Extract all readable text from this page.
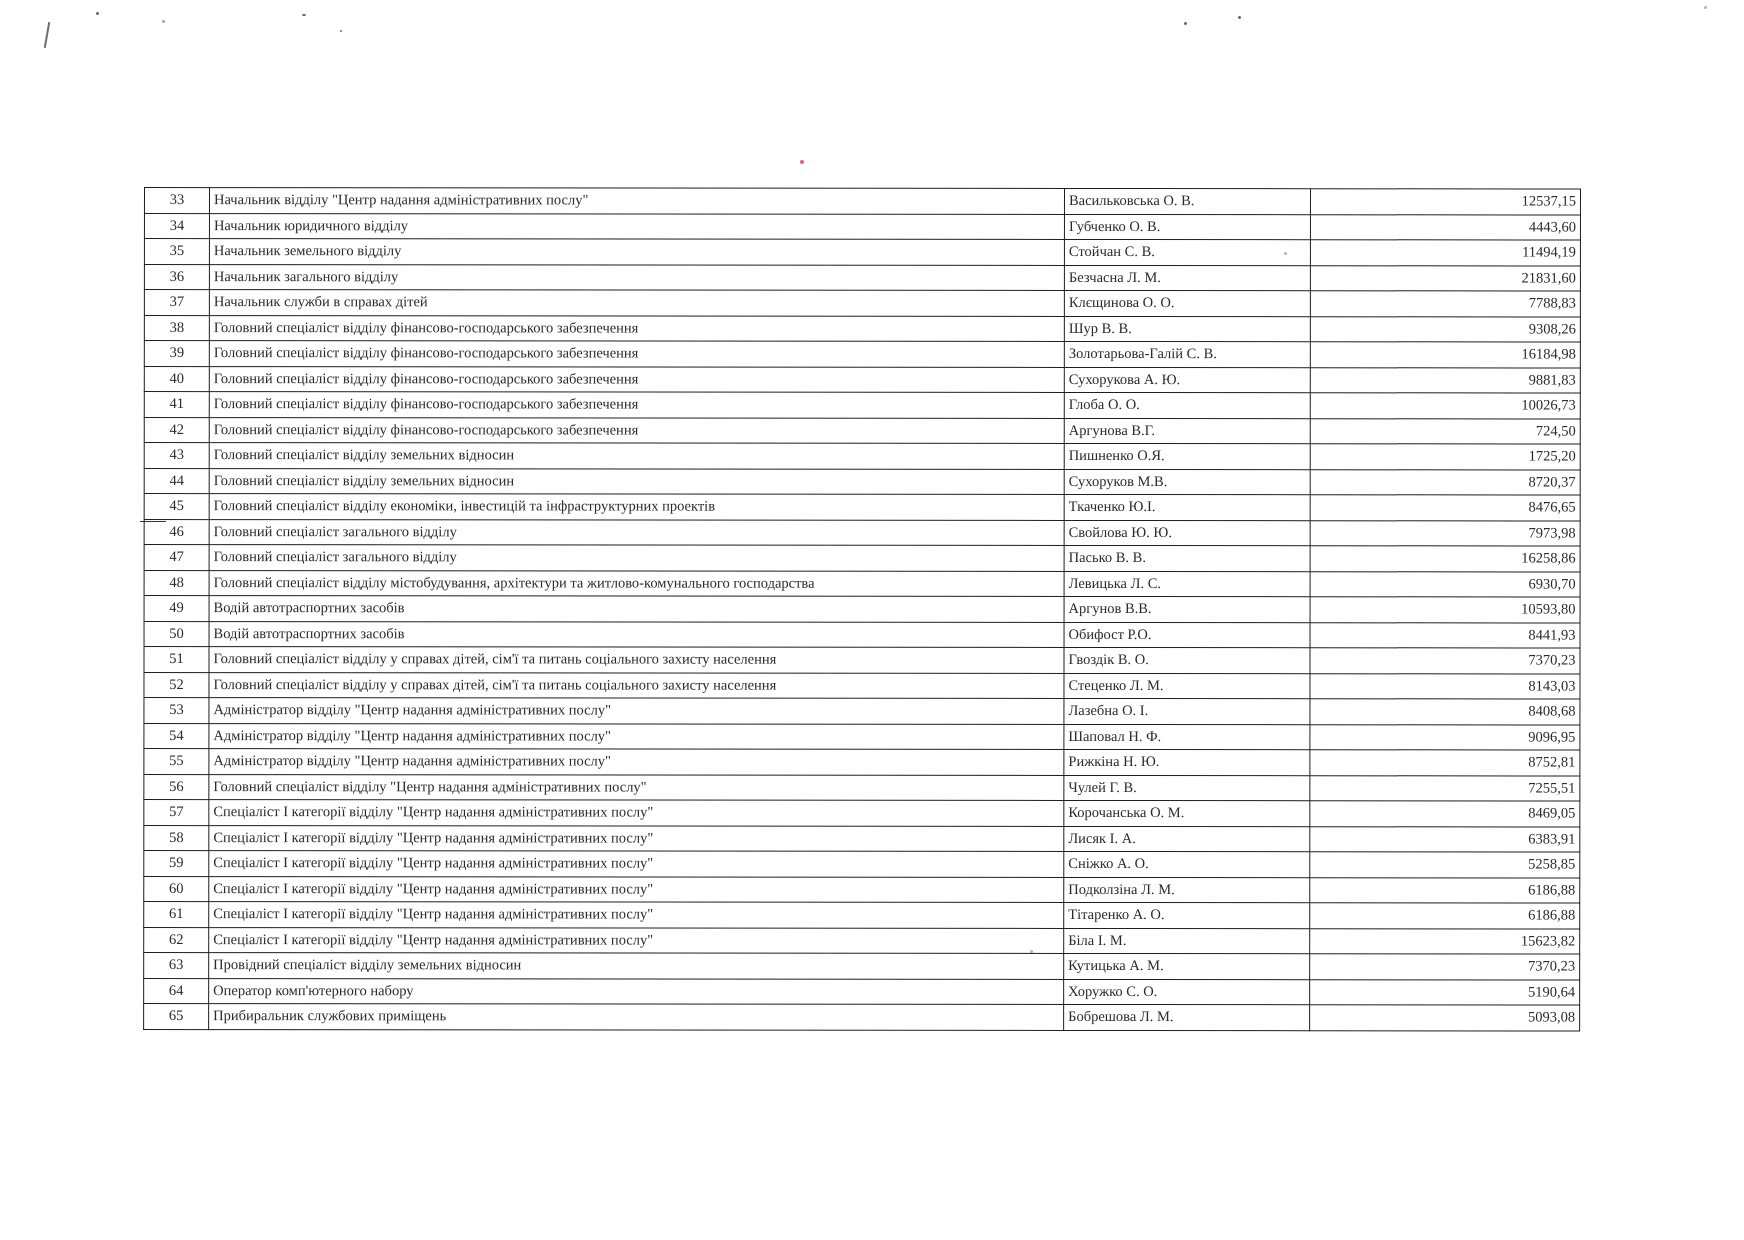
33	Начальник відділу "Центр надання адміністративних послу"	Васильковська О. В.	12537,15
34	Начальник юридичного відділу	Губченко О. В.	4443,60
35	Начальник земельного відділу	Стойчан С. В.	11494,19
36	Начальник загального відділу	Безчасна Л. М.	21831,60
37	Начальник служби в справах дітей	Клєщинова О. О.	7788,83
38	Головний спеціаліст відділу фінансово-господарського забезпечення	Шур В. В.	9308,26
39	Головний спеціаліст відділу фінансово-господарського забезпечення	Золотарьова-Галій С. В.	16184,98
40	Головний спеціаліст відділу фінансово-господарського забезпечення	Сухорукова А. Ю.	9881,83
41	Головний спеціаліст відділу фінансово-господарського забезпечення	Глоба О. О.	10026,73
42	Головний спеціаліст відділу фінансово-господарського забезпечення	Аргунова В.Г.	724,50
43	Головний спеціаліст відділу земельних відносин	Пишненко О.Я.	1725,20
44	Головний спеціаліст відділу земельних відносин	Сухоруков М.В.	8720,37
45	Головний спеціаліст відділу економіки, інвестицій та інфраструктурних проектів	Ткаченко Ю.І.	8476,65
46	Головний спеціаліст загального відділу	Свойлова Ю. Ю.	7973,98
47	Головний спеціаліст загального відділу	Пасько В. В.	16258,86
48	Головний спеціаліст відділу містобудування, архітектури та житлово-комунального господарства	Левицька Л. С.	6930,70
49	Водій автотраспортних засобів	Аргунов В.В.	10593,80
50	Водій автотраспортних засобів	Обифост Р.О.	8441,93
51	Головний спеціаліст відділу у справах дітей, сім'ї та питань соціального захисту населення	Гвоздік В. О.	7370,23
52	Головний спеціаліст відділу у справах дітей, сім'ї та питань соціального захисту населення	Стеценко Л. М.	8143,03
53	Адміністратор відділу "Центр надання адміністративних послу"	Лазебна О. І.	8408,68
54	Адміністратор відділу "Центр надання адміністративних послу"	Шаповал Н. Ф.	9096,95
55	Адміністратор відділу "Центр надання адміністративних послу"	Рижкіна Н. Ю.	8752,81
56	Головний спеціаліст відділу "Центр надання адміністративних послу"	Чулей Г. В.	7255,51
57	Спеціаліст І категорії відділу "Центр надання адміністративних послу"	Корочанська О. М.	8469,05
58	Спеціаліст І категорії відділу "Центр надання адміністративних послу"	Лисяк І. А.	6383,91
59	Спеціаліст І категорії відділу "Центр надання адміністративних послу"	Сніжко А. О.	5258,85
60	Спеціаліст І категорії відділу "Центр надання адміністративних послу"	Подколзіна Л. М.	6186,88
61	Спеціаліст І категорії відділу "Центр надання адміністративних послу"	Тітаренко А. О.	6186,88
62	Спеціаліст І категорії відділу "Центр надання адміністративних послу"	Біла І. М.	15623,82
63	Провідний спеціаліст відділу земельних відносин	Кутицька А. М.	7370,23
64	Оператор комп'ютерного набору	Хоружко С. О.	5190,64
65	Прибиральник службових приміщень	Бобрешова Л. М.	5093,08
